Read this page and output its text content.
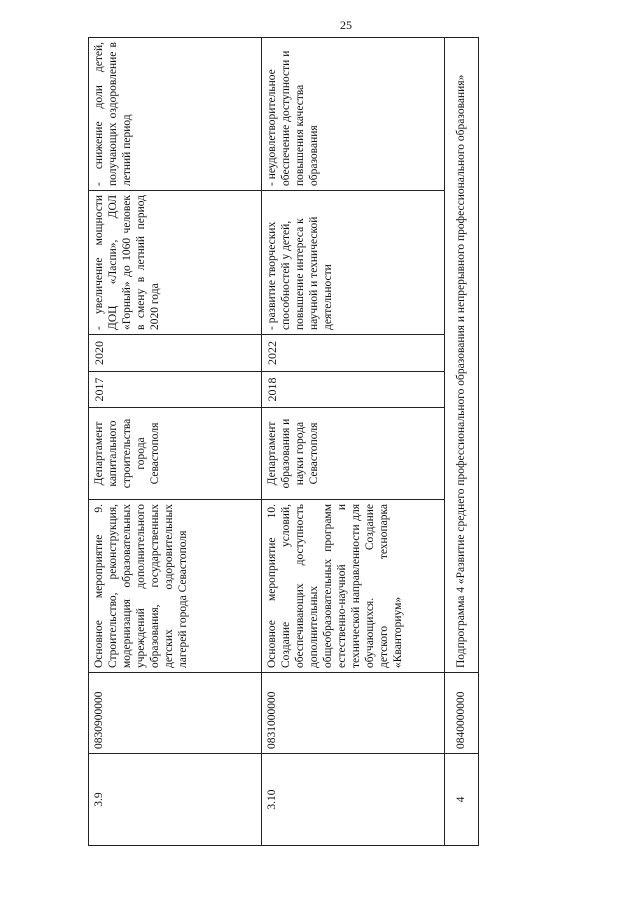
25
3.9	0830900000	Основное мероприятие 9. Строительство, реконструкция, модернизация образовательных учреждений дополнительного образования, государственных детских оздоровительных лагерей города Севастополя	Департамент капитального строительства города Севастополя	2017	2020	- увеличение мощности ДОЦ «Ласпи», ДОЛ «Горный» до 1060 человек в смену в летний период 2020 года	- снижение доли детей, получающих оздоровление в летний период
3.10	0831000000	Основное мероприятие 10. Создание условий, обеспечивающих доступность дополнительных общеобразовательных программ естественно-научной и технической направленности для обучающихся. Создание детского технопарка «Кванториум»	Департамент образования и науки города Севастополя	2018	2022	- развитие творческих способностей у детей, повышение интереса к научной и технической деятельности	- неудовлетворительное обеспечение доступности и повышения качества образования
4	0840000000	Подпрограмма 4 «Развитие среднего профессионального образования и непрерывного профессионального образования»					
